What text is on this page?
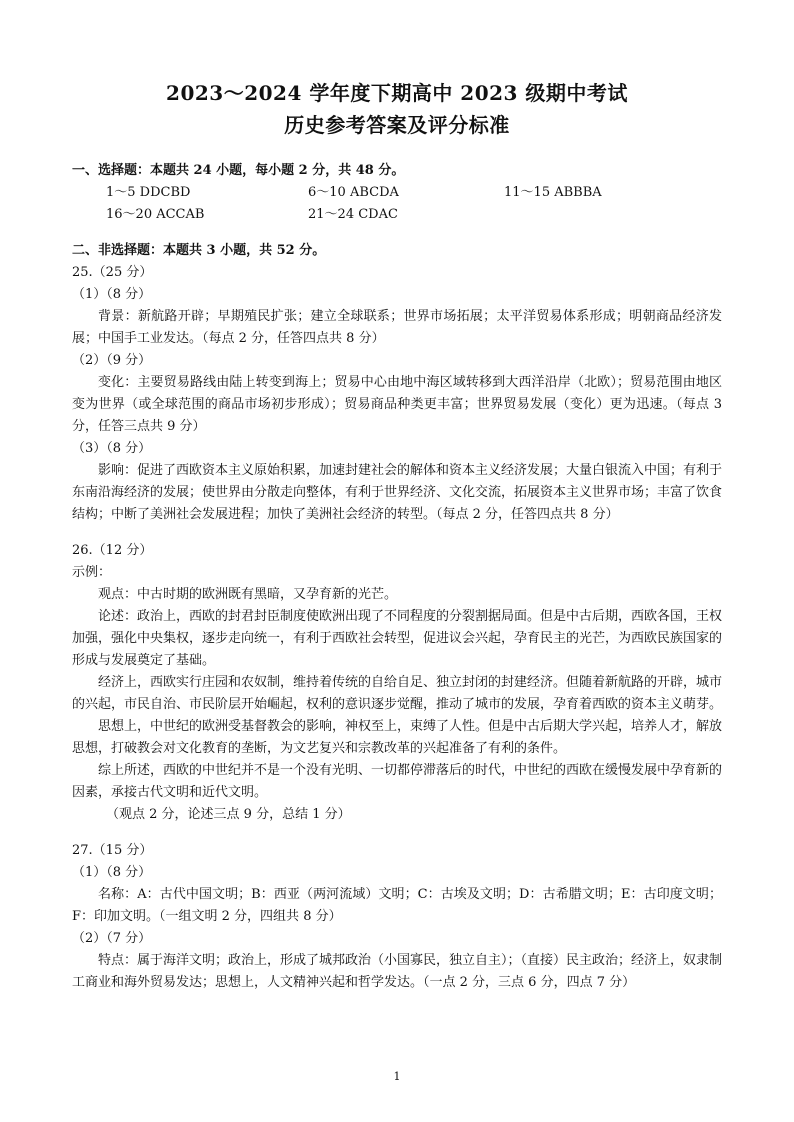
2023～2024 学年度下期高中 2023 级期中考试
历史参考答案及评分标准
一、选择题：本题共 24 小题，每小题 2 分，共 48 分。
1～5 DDCBD	6～10 ABCDA	11～15 ABBBA
16～20 ACCAB	21～24 CDAC
二、非选择题：本题共 3 小题，共 52 分。
25.（25 分）
（1）（8 分）
背景：新航路开辟；早期殖民扩张；建立全球联系；世界市场拓展；太平洋贸易体系形成；明朝商品经济发展；中国手工业发达。（每点 2 分，任答四点共 8 分）
（2）（9 分）
变化：主要贸易路线由陆上转变到海上；贸易中心由地中海区域转移到大西洋沿岸（北欧）；贸易范围由地区变为世界（或全球范围的商品市场初步形成）；贸易商品种类更丰富；世界贸易发展（变化）更为迅速。（每点 3 分，任答三点共 9 分）
（3）（8 分）
影响：促进了西欧资本主义原始积累，加速封建社会的解体和资本主义经济发展；大量白银流入中国；有利于东南沿海经济的发展；使世界由分散走向整体，有利于世界经济、文化交流，拓展资本主义世界市场；丰富了饮食结构；中断了美洲社会发展进程；加快了美洲社会经济的转型。（每点 2 分，任答四点共 8 分）
26.（12 分）
示例：
观点：中古时期的欧洲既有黑暗，又孕育新的光芒。
论述：政治上，西欧的封君封臣制度使欧洲出现了不同程度的分裂割据局面。但是中古后期，西欧各国，王权加强，强化中央集权，逐步走向统一，有利于西欧社会转型，促进议会兴起，孕育民主的光芒，为西欧民族国家的形成与发展奠定了基础。
经济上，西欧实行庄园和农奴制，维持着传统的自给自足、独立封闭的封建经济。但随着新航路的开辟，城市的兴起，市民自治、市民阶层开始崛起，权利的意识逐步觉醒，推动了城市的发展，孕育着西欧的资本主义萌芽。
思想上，中世纪的欧洲受基督教会的影响，神权至上，束缚了人性。但是中古后期大学兴起，培养人才，解放思想，打破教会对文化教育的垄断，为文艺复兴和宗教改革的兴起准备了有利的条件。
综上所述，西欧的中世纪并不是一个没有光明、一切都停滞落后的时代，中世纪的西欧在缓慢发展中孕育新的因素，承接古代文明和近代文明。
（观点 2 分，论述三点 9 分，总结 1 分）
27.（15 分）
（1）（8 分）
名称：A：古代中国文明；B：西亚（两河流域）文明；C：古埃及文明；D：古希腊文明；E：古印度文明；F：印加文明。（一组文明 2 分，四组共 8 分）
（2）（7 分）
特点：属于海洋文明；政治上，形成了城邦政治（小国寡民，独立自主）；（直接）民主政治；经济上，奴隶制工商业和海外贸易发达；思想上，人文精神兴起和哲学发达。（一点 2 分，三点 6 分，四点 7 分）
1
